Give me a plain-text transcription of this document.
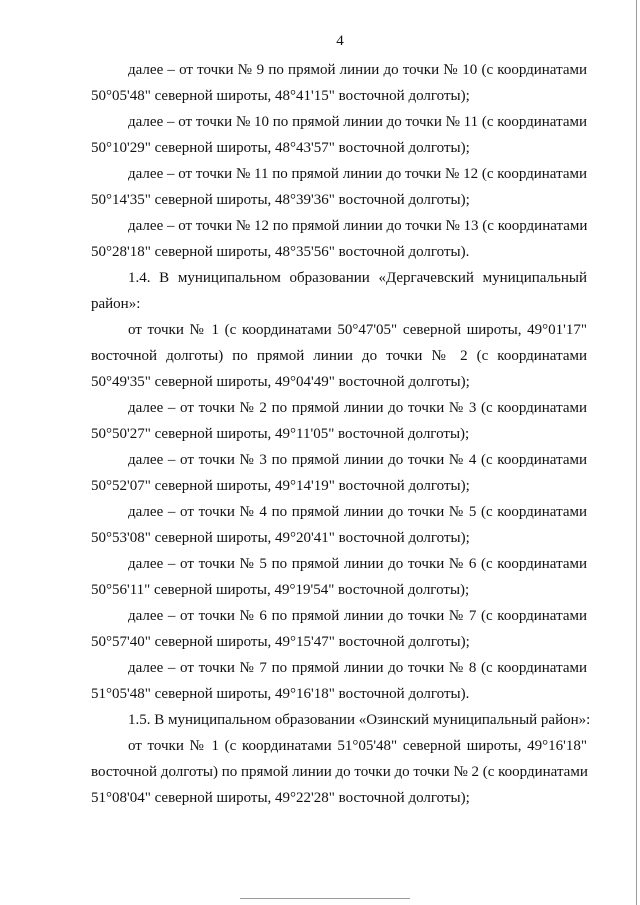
4
далее – от точки № 9 по прямой линии до точки № 10 (с координатами
50°05'48" северной широты, 48°41'15" восточной долготы);
далее – от точки № 10 по прямой линии до точки № 11 (с координатами
50°10'29" северной широты, 48°43'57" восточной долготы);
далее – от точки № 11 по прямой линии до точки № 12 (с координатами
50°14'35" северной широты, 48°39'36" восточной долготы);
далее – от точки № 12 по прямой линии до точки № 13 (с координатами
50°28'18" северной широты, 48°35'56" восточной долготы).
1.4. В муниципальном образовании «Дергачевский муниципальный
район»:
от точки № 1 (с координатами 50°47'05" северной широты, 49°01'17"
восточной долготы) по прямой линии до точки № 2 (с координатами
50°49'35" северной широты, 49°04'49" восточной долготы);
далее – от точки № 2 по прямой линии до точки № 3 (с координатами
50°50'27" северной широты, 49°11'05" восточной долготы);
далее – от точки № 3 по прямой линии до точки № 4 (с координатами
50°52'07" северной широты, 49°14'19" восточной долготы);
далее – от точки № 4 по прямой линии до точки № 5 (с координатами
50°53'08" северной широты, 49°20'41" восточной долготы);
далее – от точки № 5 по прямой линии до точки № 6 (с координатами
50°56'11" северной широты, 49°19'54" восточной долготы);
далее – от точки № 6 по прямой линии до точки № 7 (с координатами
50°57'40" северной широты, 49°15'47" восточной долготы);
далее – от точки № 7 по прямой линии до точки № 8 (с координатами
51°05'48" северной широты, 49°16'18" восточной долготы).
1.5. В муниципальном образовании «Озинский муниципальный район»:
от точки № 1 (с координатами 51°05'48" северной широты, 49°16'18"
восточной долготы) по прямой линии до точки до точки № 2 (с координатами
51°08'04" северной широты, 49°22'28" восточной долготы);
